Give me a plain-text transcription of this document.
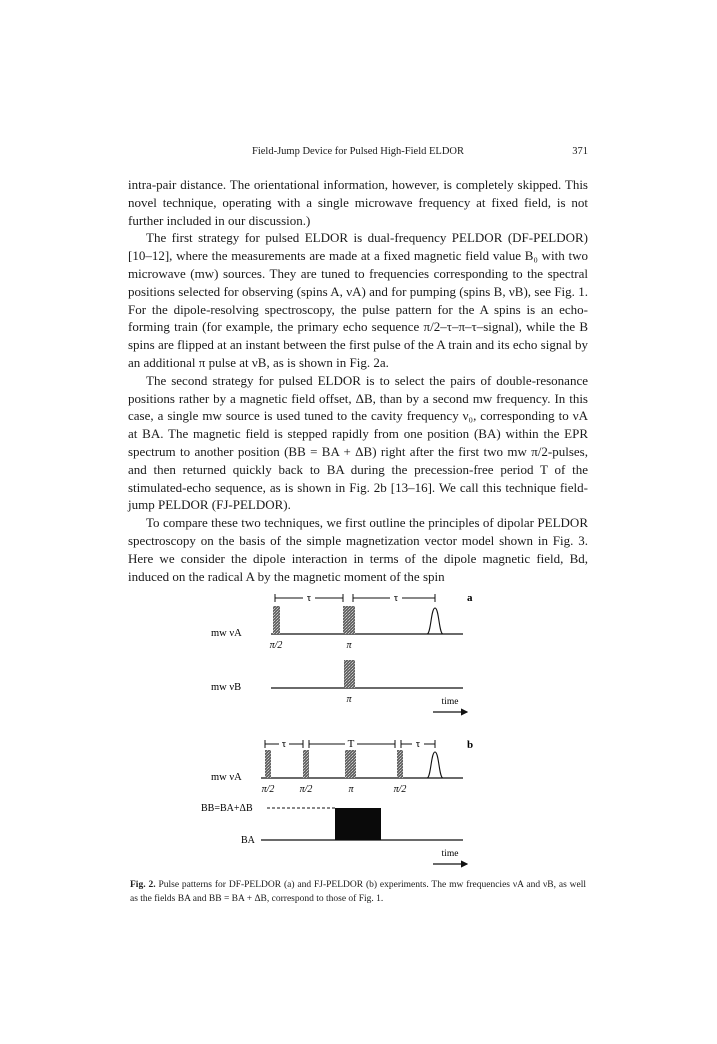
Field-Jump Device for Pulsed High-Field ELDOR	371

intra-pair distance. The orientational information, however, is completely skipped. This novel technique, operating with a single microwave frequency at fixed field, is not further included in our discussion.)

The first strategy for pulsed ELDOR is dual-frequency PELDOR (DF-PELDOR) [10–12], where the measurements are made at a fixed magnetic field value B₀ with two microwave (mw) sources. They are tuned to frequencies corresponding to the spectral positions selected for observing (spins A, νA) and for pumping (spins B, νB), see Fig. 1. For the dipole-resolving spectroscopy, the pulse pattern for the A spins is an echo-forming train (for example, the primary echo sequence π/2–τ–π–τ–signal), while the B spins are flipped at an instant between the first pulse of the A train and its echo signal by an additional π pulse at νB, as is shown in Fig. 2a.

The second strategy for pulsed ELDOR is to select the pairs of double-resonance positions rather by a magnetic field offset, ΔB, than by a second mw frequency. In this case, a single mw source is used tuned to the cavity frequency ν₀, corresponding to νA at BA. The magnetic field is stepped rapidly from one position (BA) within the EPR spectrum to another position (BB = BA + ΔB) right after the first two mw π/2-pulses, and then returned quickly back to BA during the precession-free period T of the stimulated-echo sequence, as is shown in Fig. 2b [13–16]. We call this technique field-jump PELDOR (FJ-PELDOR).

To compare these two techniques, we first outline the principles of dipolar PELDOR spectroscopy on the basis of the simple magnetization vector model shown in Fig. 3. Here we consider the dipole interaction in terms of the dipole magnetic field, Bd, induced on the radical A by the magnetic moment of the spin

a
τ	τ
mw νA
π/2	π
mw νB
π	time
b
τ	T	τ
mw νA
π/2	π/2	π	π/2
BB=BA+ΔB
BA
time
Fig. 2. Pulse patterns for DF-PELDOR (a) and FJ-PELDOR (b) experiments. The mw frequencies νA and νB, as well as the fields BA and BB = BA + ΔB, correspond to those of Fig. 1.
